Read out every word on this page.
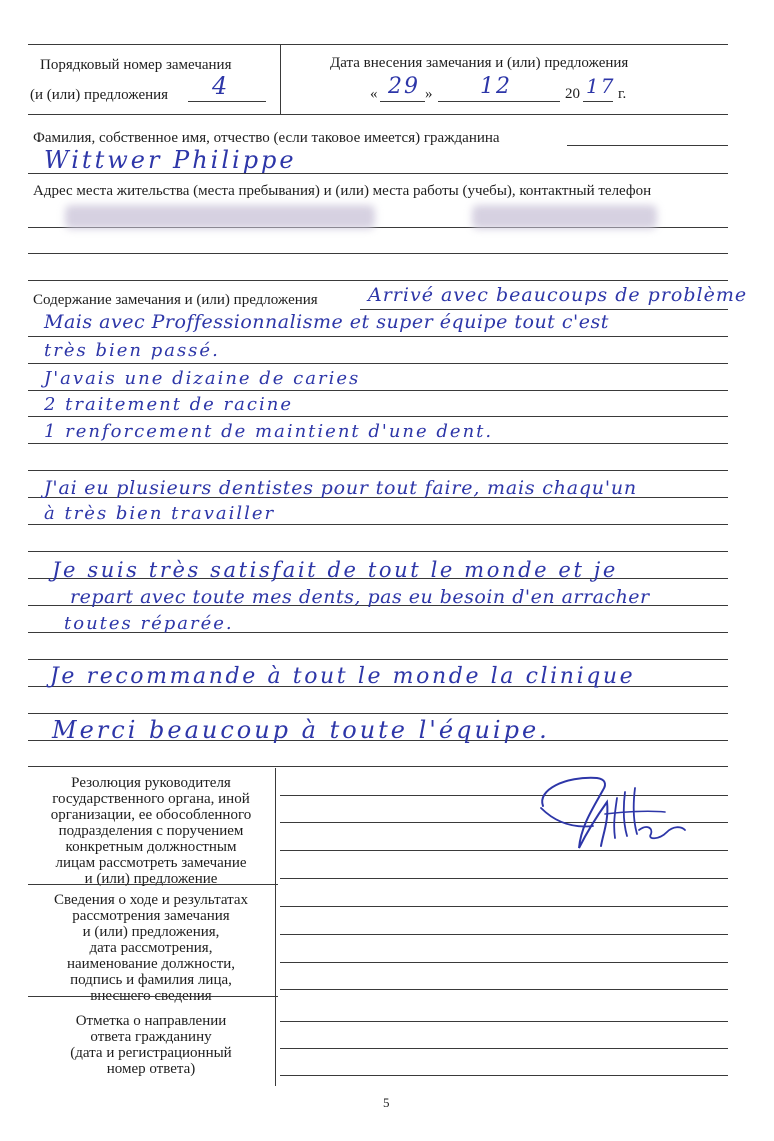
Порядковый номер замечания
(и (или) предложения 4
Дата внесения замечания и (или) предложения
« 29 » 12	20 17 г.
Фамилия, собственное имя, отчество (если таковое имеется) гражданина
Wittwer Philippe
Адрес места жительства (места пребывания) и (или) места работы (учебы), контактный телефон
Содержание замечания и (или) предложения	Arrivé avec beaucoups de problème
Mais avec Proffessionnalisme et super équipe tout c'est
très bien passé.
J'avais une dizaine de caries
2 traitement de racine
1 renforcement de maintient d'une dent.
J'ai eu plusieurs dentistes pour tout faire, mais chaqu'un
à très bien travailler
Je suis très satisfait de tout le monde et je
repart avec toute mes dents, pas eu besoin d'en arracher
toutes réparée.
Je recommande à tout le monde la clinique
Merci beaucoup à toute l'équipe.
Резолюция руководителя
государственного органа, иной
организации, ее обособленного
подразделения с поручением
конкретным должностным
лицам рассмотреть замечание
и (или) предложение
Сведения о ходе и результатах
рассмотрения замечания
и (или) предложения,
дата рассмотрения,
наименование должности,
подпись и фамилия лица,
внесшего сведения
Отметка о направлении
ответа гражданину
(дата и регистрационный
номер ответа)
5
